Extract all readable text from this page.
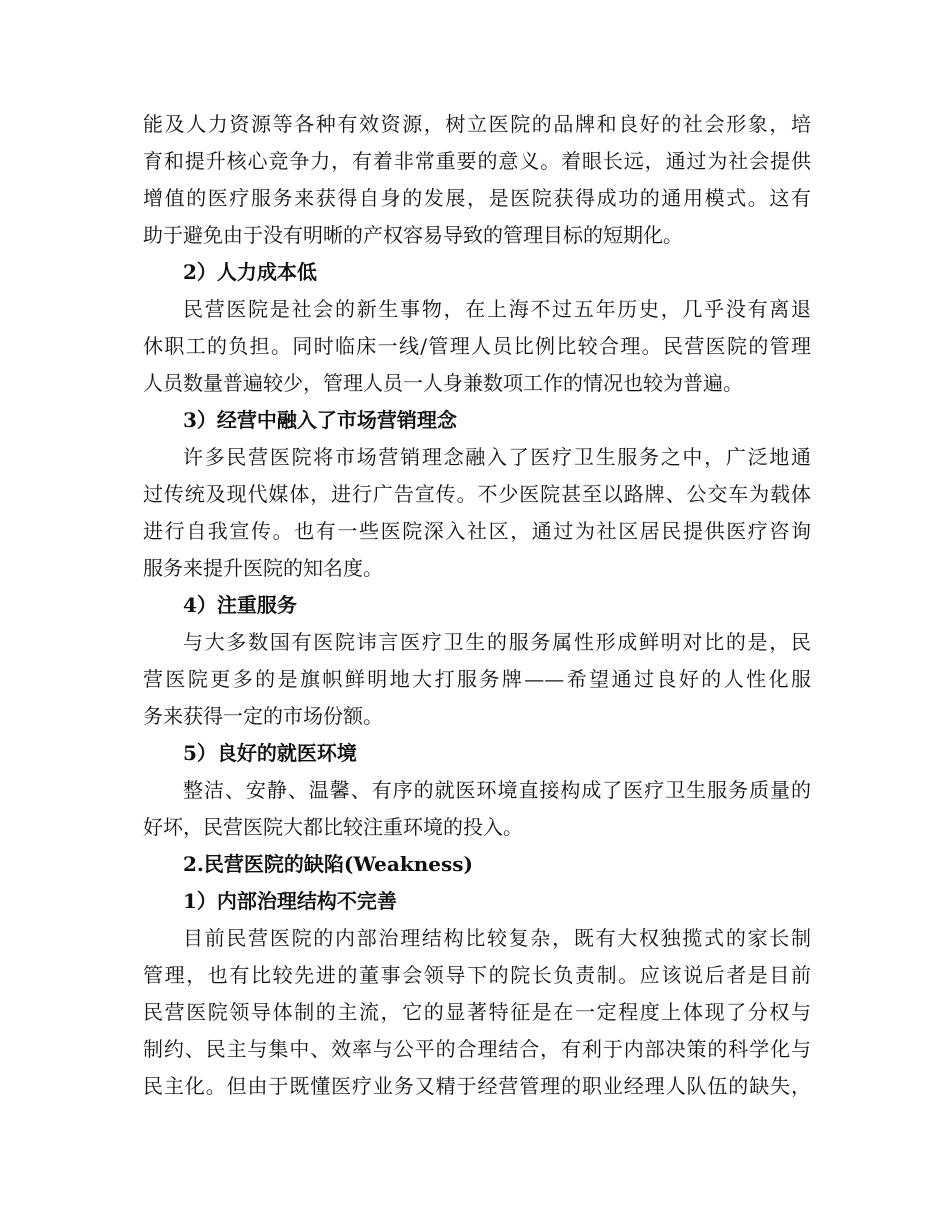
能及人力资源等各种有效资源，树立医院的品牌和良好的社会形象，培
育和提升核心竞争力，有着非常重要的意义。着眼长远，通过为社会提供
增值的医疗服务来获得自身的发展，是医院获得成功的通用模式。这有
助于避免由于没有明晰的产权容易导致的管理目标的短期化。
2）人力成本低
民营医院是社会的新生事物，在上海不过五年历史，几乎没有离退
休职工的负担。同时临床一线/管理人员比例比较合理。民营医院的管理
人员数量普遍较少，管理人员一人身兼数项工作的情况也较为普遍。
3）经营中融入了市场营销理念
许多民营医院将市场营销理念融入了医疗卫生服务之中，广泛地通
过传统及现代媒体，进行广告宣传。不少医院甚至以路牌、公交车为载体
进行自我宣传。也有一些医院深入社区，通过为社区居民提供医疗咨询
服务来提升医院的知名度。
4）注重服务
与大多数国有医院讳言医疗卫生的服务属性形成鲜明对比的是，民
营医院更多的是旗帜鲜明地大打服务牌——希望通过良好的人性化服
务来获得一定的市场份额。
5）良好的就医环境
整洁、安静、温馨、有序的就医环境直接构成了医疗卫生服务质量的
好坏，民营医院大都比较注重环境的投入。
2.民营医院的缺陷(Weakness)
1）内部治理结构不完善
目前民营医院的内部治理结构比较复杂，既有大权独揽式的家长制
管理，也有比较先进的董事会领导下的院长负责制。应该说后者是目前
民营医院领导体制的主流，它的显著特征是在一定程度上体现了分权与
制约、民主与集中、效率与公平的合理结合，有利于内部决策的科学化与
民主化。但由于既懂医疗业务又精于经营管理的职业经理人队伍的缺失，
